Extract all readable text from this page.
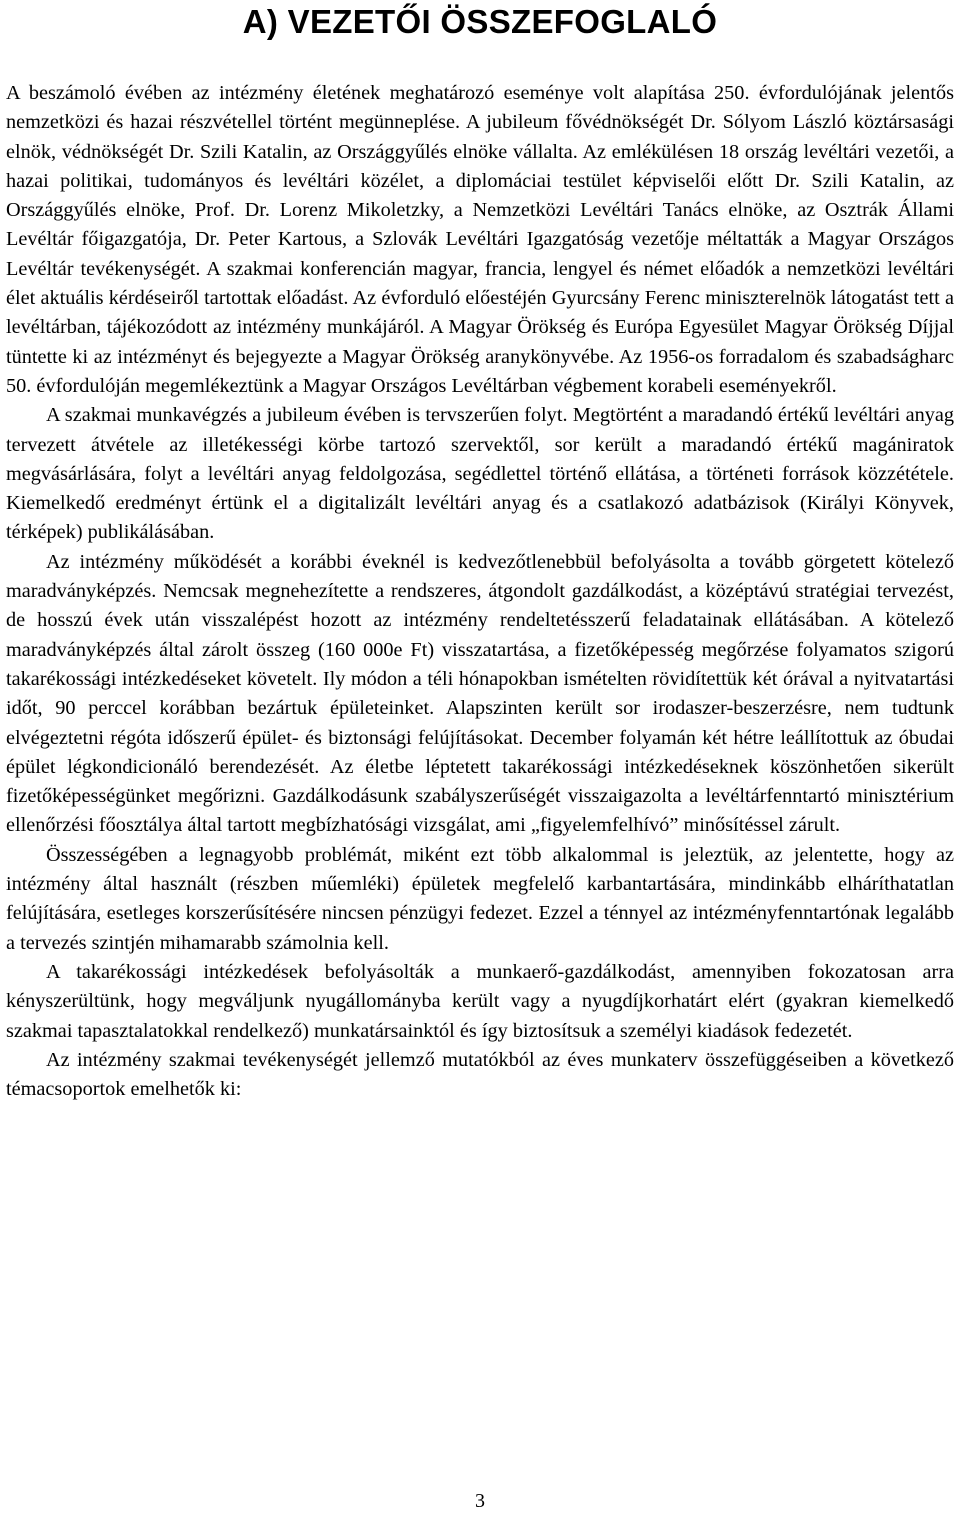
A) VEZETŐI ÖSSZEFOGLALÓ

A beszámoló évében az intézmény életének meghatározó eseménye volt alapítása 250. évfordulójának jelentős nemzetközi és hazai részvétellel történt megünneplése. A jubileum fővédnökségét Dr. Sólyom László köztársasági elnök, védnökségét Dr. Szili Katalin, az Országgyűlés elnöke vállalta. Az emlékülésen 18 ország levéltári vezetői, a hazai politikai, tudományos és levéltári közélet, a diplomáciai testület képviselői előtt Dr. Szili Katalin, az Országgyűlés elnöke, Prof. Dr. Lorenz Mikoletzky, a Nemzetközi Levéltári Tanács elnöke, az Osztrák Állami Levéltár főigazgatója, Dr. Peter Kartous, a Szlovák Levéltári Igazgatóság vezetője méltatták a Magyar Országos Levéltár tevékenységét. A szakmai konferencián magyar, francia, lengyel és német előadók a nemzetközi levéltári élet aktuális kérdéseiről tartottak előadást. Az évforduló előestéjén Gyurcsány Ferenc miniszterelnök látogatást tett a levéltárban, tájékozódott az intézmény munkájáról. A Magyar Örökség és Európa Egyesület Magyar Örökség Díjjal tüntette ki az intézményt és bejegyezte a Magyar Örökség aranykönyvébe. Az 1956-os forradalom és szabadságharc 50. évfordulóján megemlékeztünk a Magyar Országos Levéltárban végbement korabeli eseményekről.

A szakmai munkavégzés a jubileum évében is tervszerűen folyt. Megtörtént a maradandó értékű levéltári anyag tervezett átvétele az illetékességi körbe tartozó szervektől, sor került a maradandó értékű magániratok megvásárlására, folyt a levéltári anyag feldolgozása, segédlettel történő ellátása, a történeti források közzététele. Kiemelkedő eredményt értünk el a digitalizált levéltári anyag és a csatlakozó adatbázisok (Királyi Könyvek, térképek) publikálásában.

Az intézmény működését a korábbi éveknél is kedvezőtlenebbül befolyásolta a tovább görgetett kötelező maradványképzés. Nemcsak megnehezítette a rendszeres, átgondolt gazdálkodást, a középtávú stratégiai tervezést, de hosszú évek után visszalépést hozott az intézmény rendeltetésszerű feladatainak ellátásában. A kötelező maradványképzés által zárolt összeg (160 000e Ft) visszatartása, a fizetőképesség megőrzése folyamatos szigorú takarékossági intézkedéseket követelt. Ily módon a téli hónapokban ismételten rövidítettük két órával a nyitvatartási időt, 90 perccel korábban bezártuk épületeinket. Alapszinten került sor irodaszer-beszerzésre, nem tudtunk elvégeztetni régóta időszerű épület- és biztonsági felújításokat. December folyamán két hétre leállítottuk az óbudai épület légkondicionáló berendezését. Az életbe léptetett takarékossági intézkedéseknek köszönhetően sikerült fizetőképességünket megőrizni. Gazdálkodásunk szabályszerűségét visszaigazolta a levéltárfenntartó minisztérium ellenőrzési főosztálya által tartott megbízhatósági vizsgálat, ami „figyelemfelhívó” minősítéssel zárult.

Összességében a legnagyobb problémát, miként ezt több alkalommal is jeleztük, az jelentette, hogy az intézmény által használt (részben műemléki) épületek megfelelő karbantartására, mindinkább elháríthatatlan felújítására, esetleges korszerűsítésére nincsen pénzügyi fedezet. Ezzel a ténnyel az intézményfenntartónak legalább a tervezés szintjén mihamarabb számolnia kell.

A takarékossági intézkedések befolyásolták a munkaerő-gazdálkodást, amennyiben fokozatosan arra kényszerültünk, hogy megváljunk nyugállományba került vagy a nyugdíjkorhatárt elért (gyakran kiemelkedő szakmai tapasztalatokkal rendelkező) munkatársainktól és így biztosítsuk a személyi kiadások fedezetét.

Az intézmény szakmai tevékenységét jellemző mutatókból az éves munkaterv összefüggéseiben a következő témacsoportok emelhetők ki:

3
